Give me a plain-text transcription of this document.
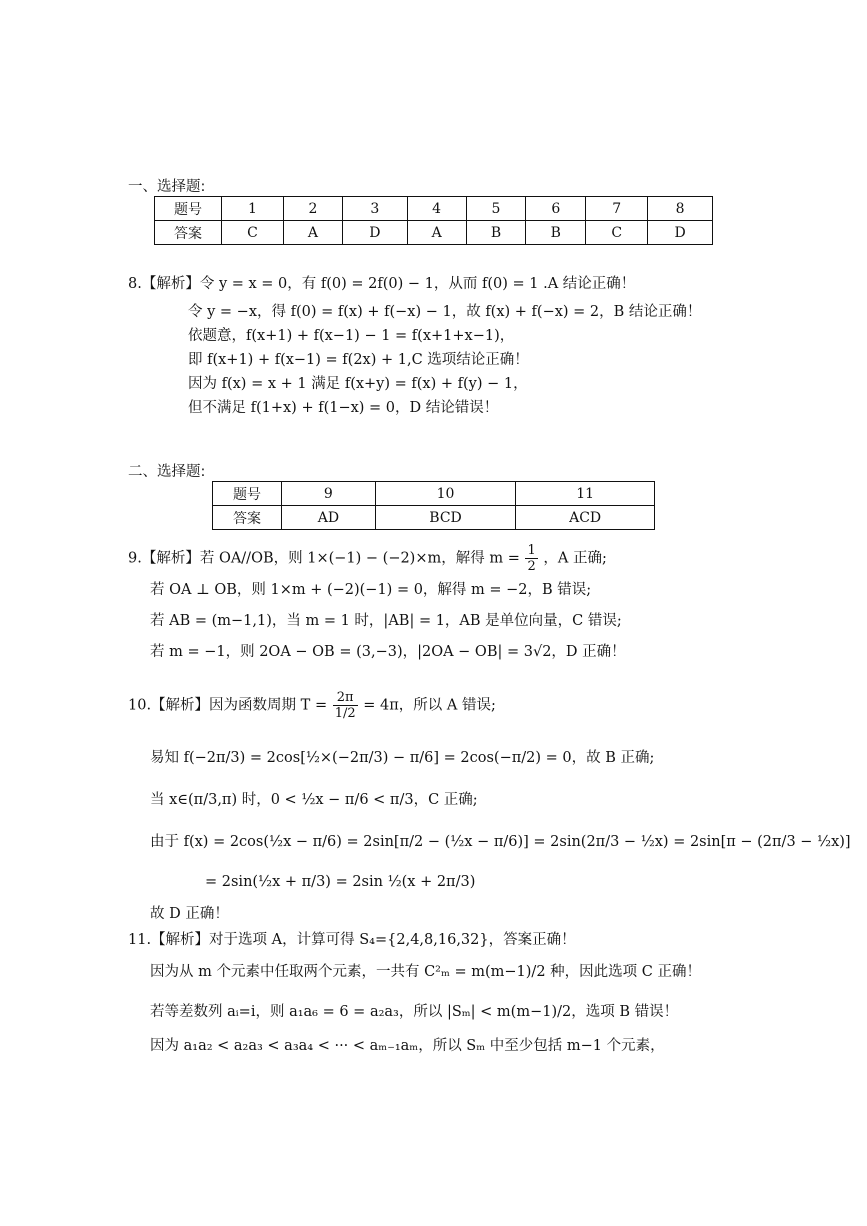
一、选择题:
题号	1	2	3	4	5	6	7	8
答案	C	A	D	A	B	B	C	D
8.【解析】令 y = x = 0，有 f(0) = 2f(0) − 1，从而 f(0) = 1 .A 结论正确！
令 y = −x，得 f(0) = f(x) + f(−x) − 1，故 f(x) + f(−x) = 2，B 结论正确！
依题意，f(x+1) + f(x−1) − 1 = f(x+1+x−1)，
即 f(x+1) + f(x−1) = f(2x) + 1,C 选项结论正确！
因为 f(x) = x + 1 满足 f(x+y) = f(x) + f(y) − 1，
但不满足 f(1+x) + f(1−x) = 0，D 结论错误！
二、选择题:
题号	9	10	11
答案	AD	BCD	ACD
9.【解析】若 OA//OB，则 1×(−1) − (−2)×m，解得 $m = \frac{1}{2}$ ，A 正确;
若 OA ⊥ OB，则 1×m + (−2)(−1) = 0，解得 m = −2，B 错误;
若 AB = (m−1,1)，当 m = 1 时，|AB| = 1，AB 是单位向量，C 错误;
若 m = −1，则 2OA − OB = (3,−3)，|2OA − OB| = 3√2，D 正确！
10.【解析】因为函数周期 $T = \frac{2\pi}{1/2} = 4\pi$，所以 A 错误;
易知 f(−2π/3) = 2cos[½×(−2π/3) − π/6] = 2cos(−π/2) = 0，故 B 正确;
当 x∈(π/3,π) 时，0 < ½x − π/6 < π/3，C 正确;
由于 f(x) = 2cos(½x − π/6) = 2sin[π/2 − (½x − π/6)] = 2sin(2π/3 − ½x) = 2sin[π − (2π/3 − ½x)]
= 2sin(½x + π/3) = 2sin ½(x + 2π/3)
故 D 正确！
11.【解析】对于选项 A，计算可得 S₄={2,4,8,16,32}，答案正确！
因为从 m 个元素中任取两个元素，一共有 C²ₘ = m(m−1)/2 种，因此选项 C 正确！
若等差数列 aᵢ=i，则 a₁a₆ = 6 = a₂a₃，所以 |Sₘ| < m(m−1)/2，选项 B 错误！
因为 a₁a₂ < a₂a₃ < a₃a₄ < ··· < aₘ₋₁aₘ，所以 Sₘ 中至少包括 m−1 个元素，
